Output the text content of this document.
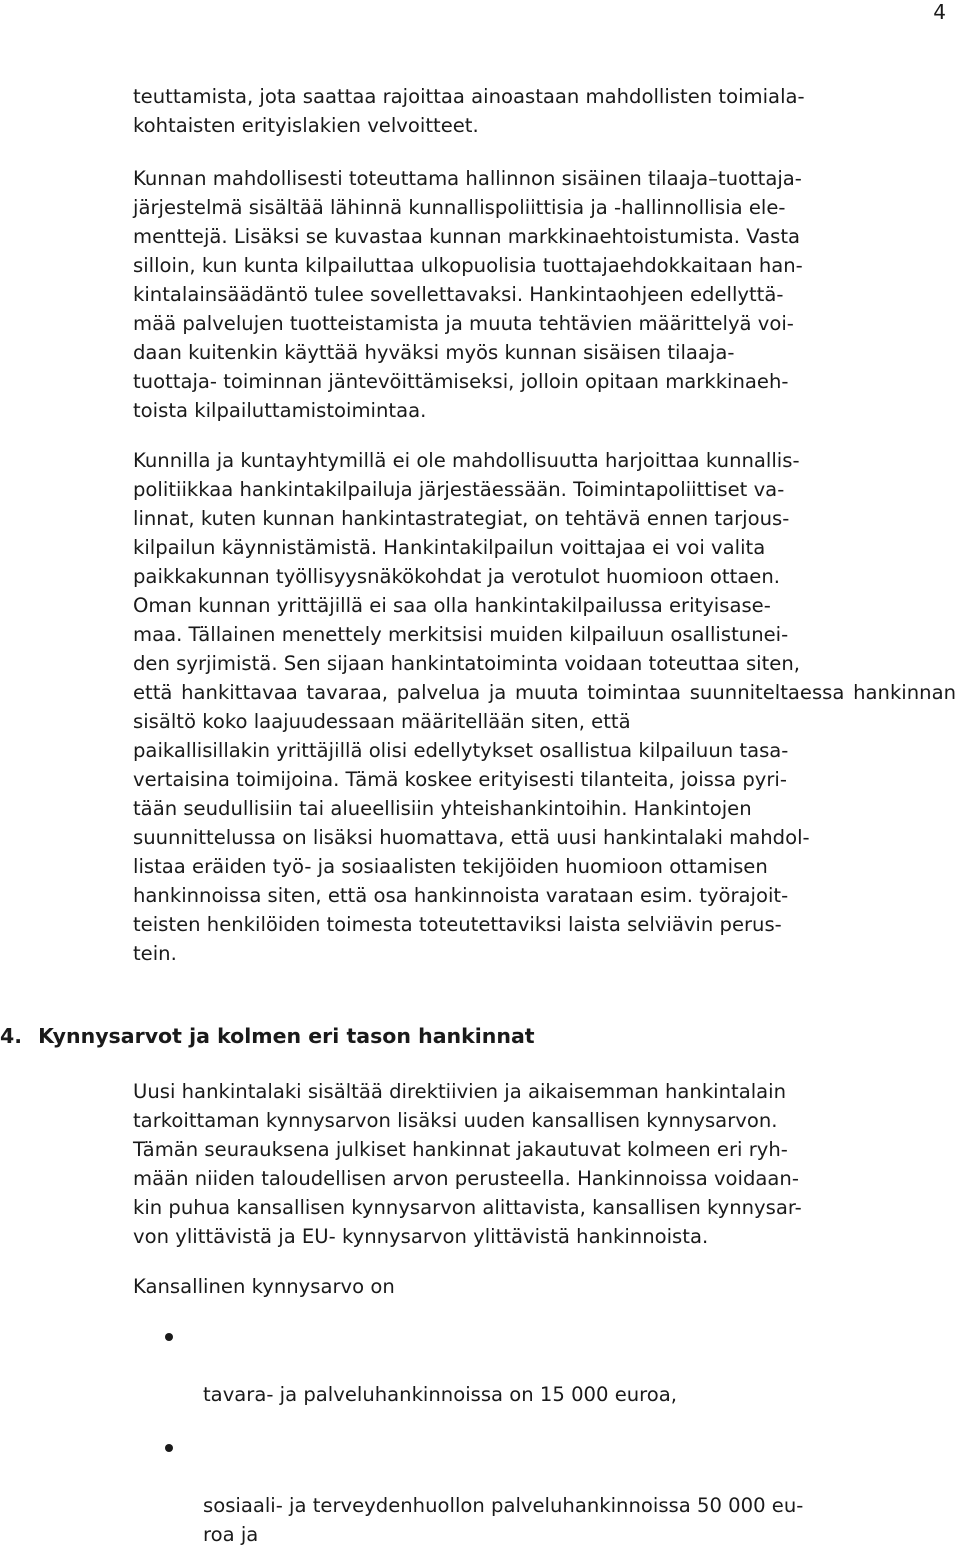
4

teuttamista, jota saattaa rajoittaa ainoastaan mahdollisten toimiala-
kohtaisten erityislakien velvoitteet.

Kunnan mahdollisesti toteuttama hallinnon sisäinen tilaaja–tuottaja-
järjestelmä sisältää lähinnä kunnallispoliittisia ja -hallinnollisia ele-
menttejä. Lisäksi se kuvastaa kunnan markkinaehtoistumista. Vasta
silloin, kun kunta kilpailuttaa ulkopuolisia tuottajaehdokkaitaan han-
kintalainsäädäntö tulee sovellettavaksi. Hankintaohjeen edellyttä-
mää palvelujen tuotteistamista ja muuta tehtävien määrittelyä voi-
daan kuitenkin käyttää hyväksi myös kunnan sisäisen tilaaja-
tuottaja- toiminnan jäntevöittämiseksi, jolloin opitaan markkinaeh-
toista kilpailuttamistoimintaa.

Kunnilla ja kuntayhtymillä ei ole mahdollisuutta harjoittaa kunnallis-
politiikkaa hankintakilpailuja järjestäessään. Toimintapoliittiset va-
linnat, kuten kunnan hankintastrategiat, on tehtävä ennen tarjous-
kilpailun käynnistämistä. Hankintakilpailun voittajaa ei voi valita
paikkakunnan työllisyysnäkökohdat ja verotulot huomioon ottaen.
Oman kunnan yrittäjillä ei saa olla hankintakilpailussa erityisase-
maa. Tällainen menettely merkitsisi muiden kilpailuun osallistunei-
den syrjimistä. Sen sijaan hankintatoiminta voidaan toteuttaa siten,
että hankittavaa tavaraa, palvelua ja muuta toimintaa suunniteltaessa hankinnan sisältö koko laajuudessaan määritellään siten, että
paikallisillakin yrittäjillä olisi edellytykset osallistua kilpailuun tasa-
vertaisina toimijoina. Tämä koskee erityisesti tilanteita, joissa pyri-
tään seudullisiin tai alueellisiin yhteishankintoihin. Hankintojen
suunnittelussa on lisäksi huomattava, että uusi hankintalaki mahdol-
listaa eräiden työ- ja sosiaalisten tekijöiden huomioon ottamisen
hankinnoissa siten, että osa hankinnoista varataan esim. työrajoit-
teisten henkilöiden toimesta toteutettaviksi laista selviävin perus-
tein.

4. Kynnysarvot ja kolmen eri tason hankinnat

Uusi hankintalaki sisältää direktiivien ja aikaisemman hankintalain
tarkoittaman kynnysarvon lisäksi uuden kansallisen kynnysarvon.
Tämän seurauksena julkiset hankinnat jakautuvat kolmeen eri ryh-
mään niiden taloudellisen arvon perusteella. Hankinnoissa voidaan-
kin puhua kansallisen kynnysarvon alittavista, kansallisen kynnysar-
von ylittävistä ja EU- kynnysarvon ylittävistä hankinnoista.

Kansallinen kynnysarvo on

tavara- ja palveluhankinnoissa on 15 000 euroa,

sosiaali- ja terveydenhuollon palveluhankinnoissa 50 000 eu-
roa ja
